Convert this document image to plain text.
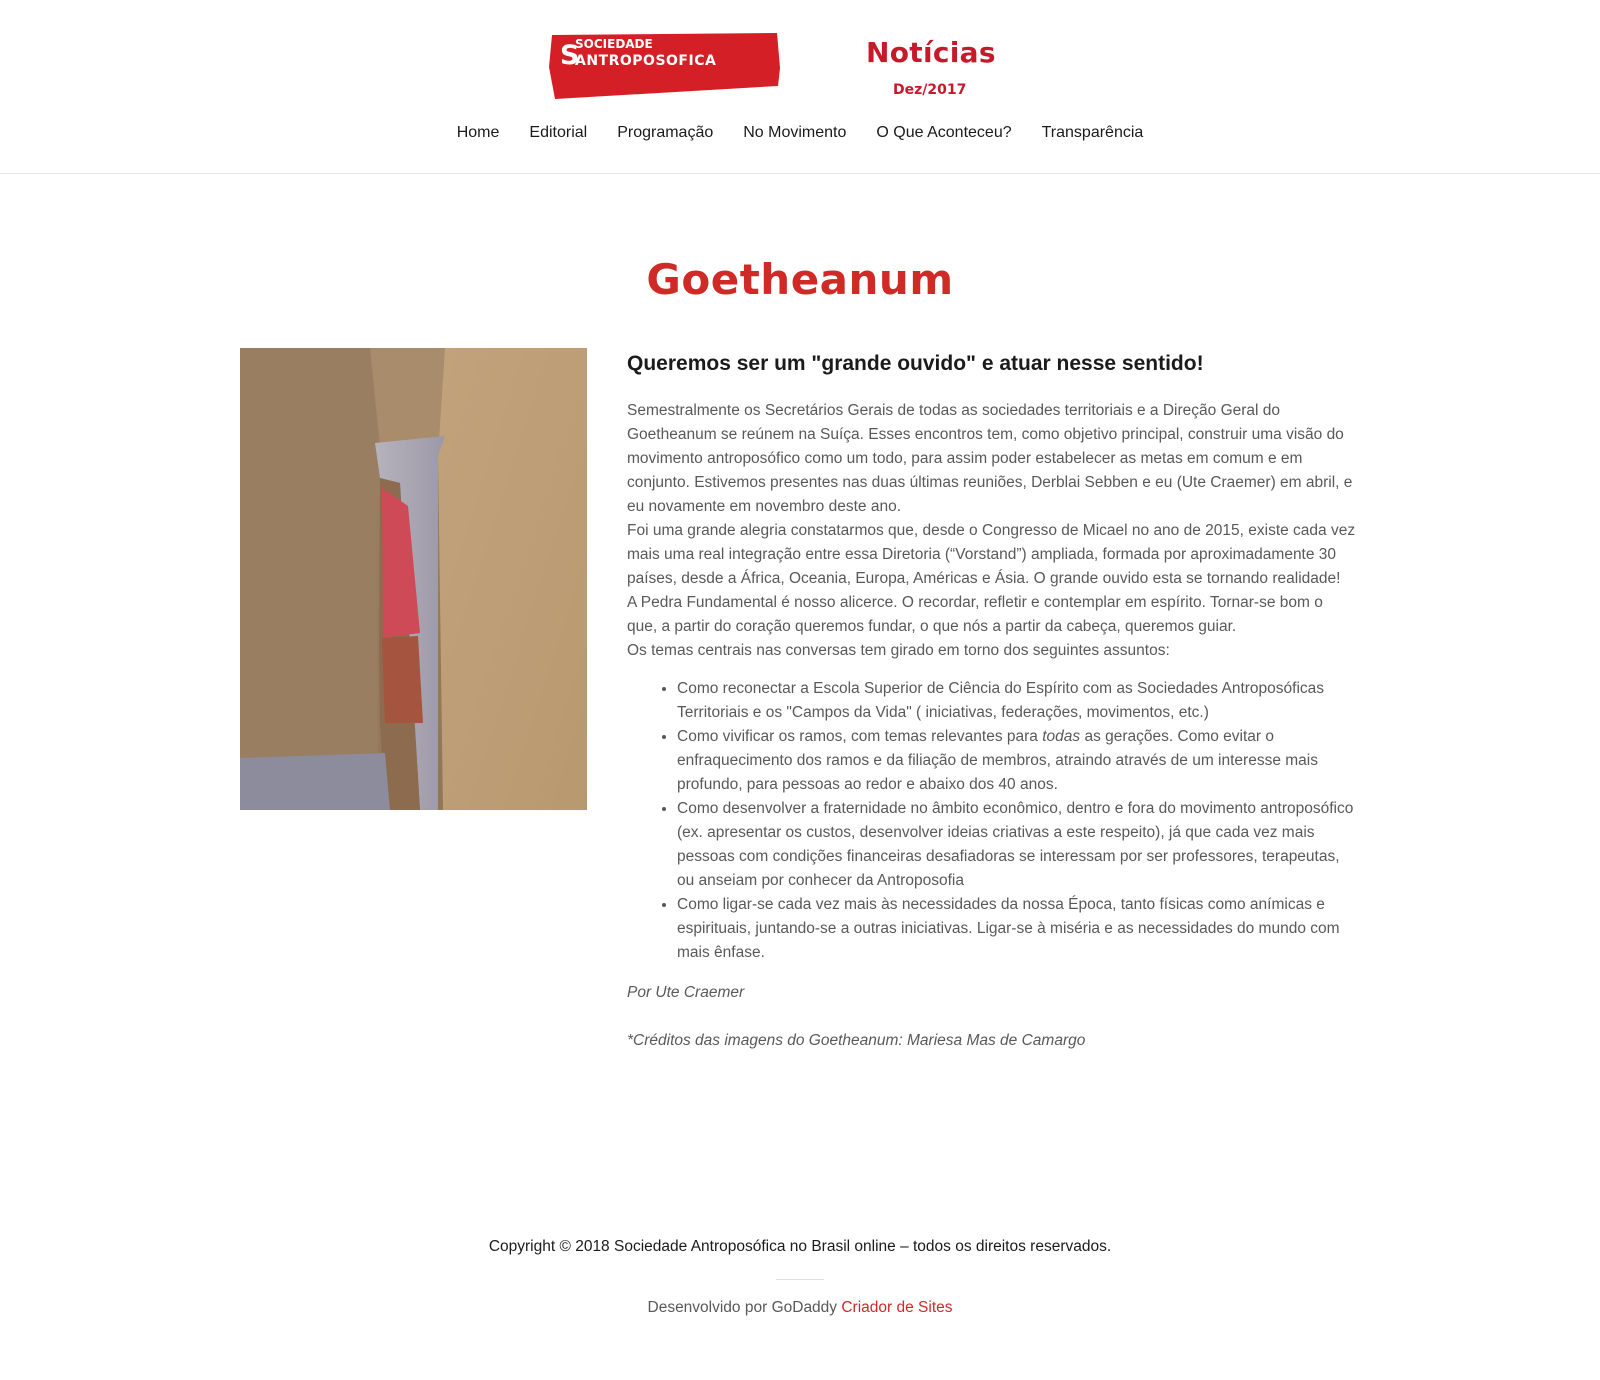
S
SOCIEDADE
ANTROPOSOFICA	Notícias
Dez/2017
Home Editorial Programação No Movimento O Que Aconteceu? Transparência
Goetheanum
Queremos ser um "grande ouvido" e atuar nesse sentido!

Semestralmente os Secretários Gerais de todas as sociedades territoriais e a Direção Geral do Goetheanum se reúnem na Suíça. Esses encontros tem, como objetivo principal, construir uma visão do movimento antroposófico como um todo, para assim poder estabelecer as metas em comum e em conjunto. Estivemos presentes nas duas últimas reuniões, Derblai Sebben e eu (Ute Craemer) em abril, e eu novamente em novembro deste ano.

Foi uma grande alegria constatarmos que, desde o Congresso de Micael no ano de 2015, existe cada vez mais uma real integração entre essa Diretoria (“Vorstand”) ampliada, formada por aproximadamente 30 países, desde a África, Oceania, Europa, Américas e Ásia. O grande ouvido esta se tornando realidade!

A Pedra Fundamental é nosso alicerce. O recordar, refletir e contemplar em espírito. Tornar-se bom o que, a partir do coração queremos fundar, o que nós a partir da cabeça, queremos guiar.

Os temas centrais nas conversas tem girado em torno dos seguintes assuntos:

• Como reconectar a Escola Superior de Ciência do Espírito com as Sociedades Antroposóficas Territoriais e os "Campos da Vida" ( iniciativas, federações, movimentos, etc.)
• Como vivificar os ramos, com temas relevantes para todas as gerações. Como evitar o enfraquecimento dos ramos e da filiação de membros, atraindo através de um interesse mais profundo, para pessoas ao redor e abaixo dos 40 anos.
• Como desenvolver a fraternidade no âmbito econômico, dentro e fora do movimento antroposófico (ex. apresentar os custos, desenvolver ideias criativas a este respeito), já que cada vez mais pessoas com condições financeiras desafiadoras se interessam por ser professores, terapeutas, ou anseiam por conhecer da Antroposofia
• Como ligar-se cada vez mais às necessidades da nossa Época, tanto físicas como anímicas e espirituais, juntando-se a outras iniciativas. Ligar-se à miséria e as necessidades do mundo com mais ênfase.

Por Ute Craemer

*Créditos das imagens do Goetheanum: Mariesa Mas de Camargo

Copyright © 2018 Sociedade Antroposófica no Brasil online – todos os direitos reservados.

Desenvolvido por GoDaddy Criador de Sites
